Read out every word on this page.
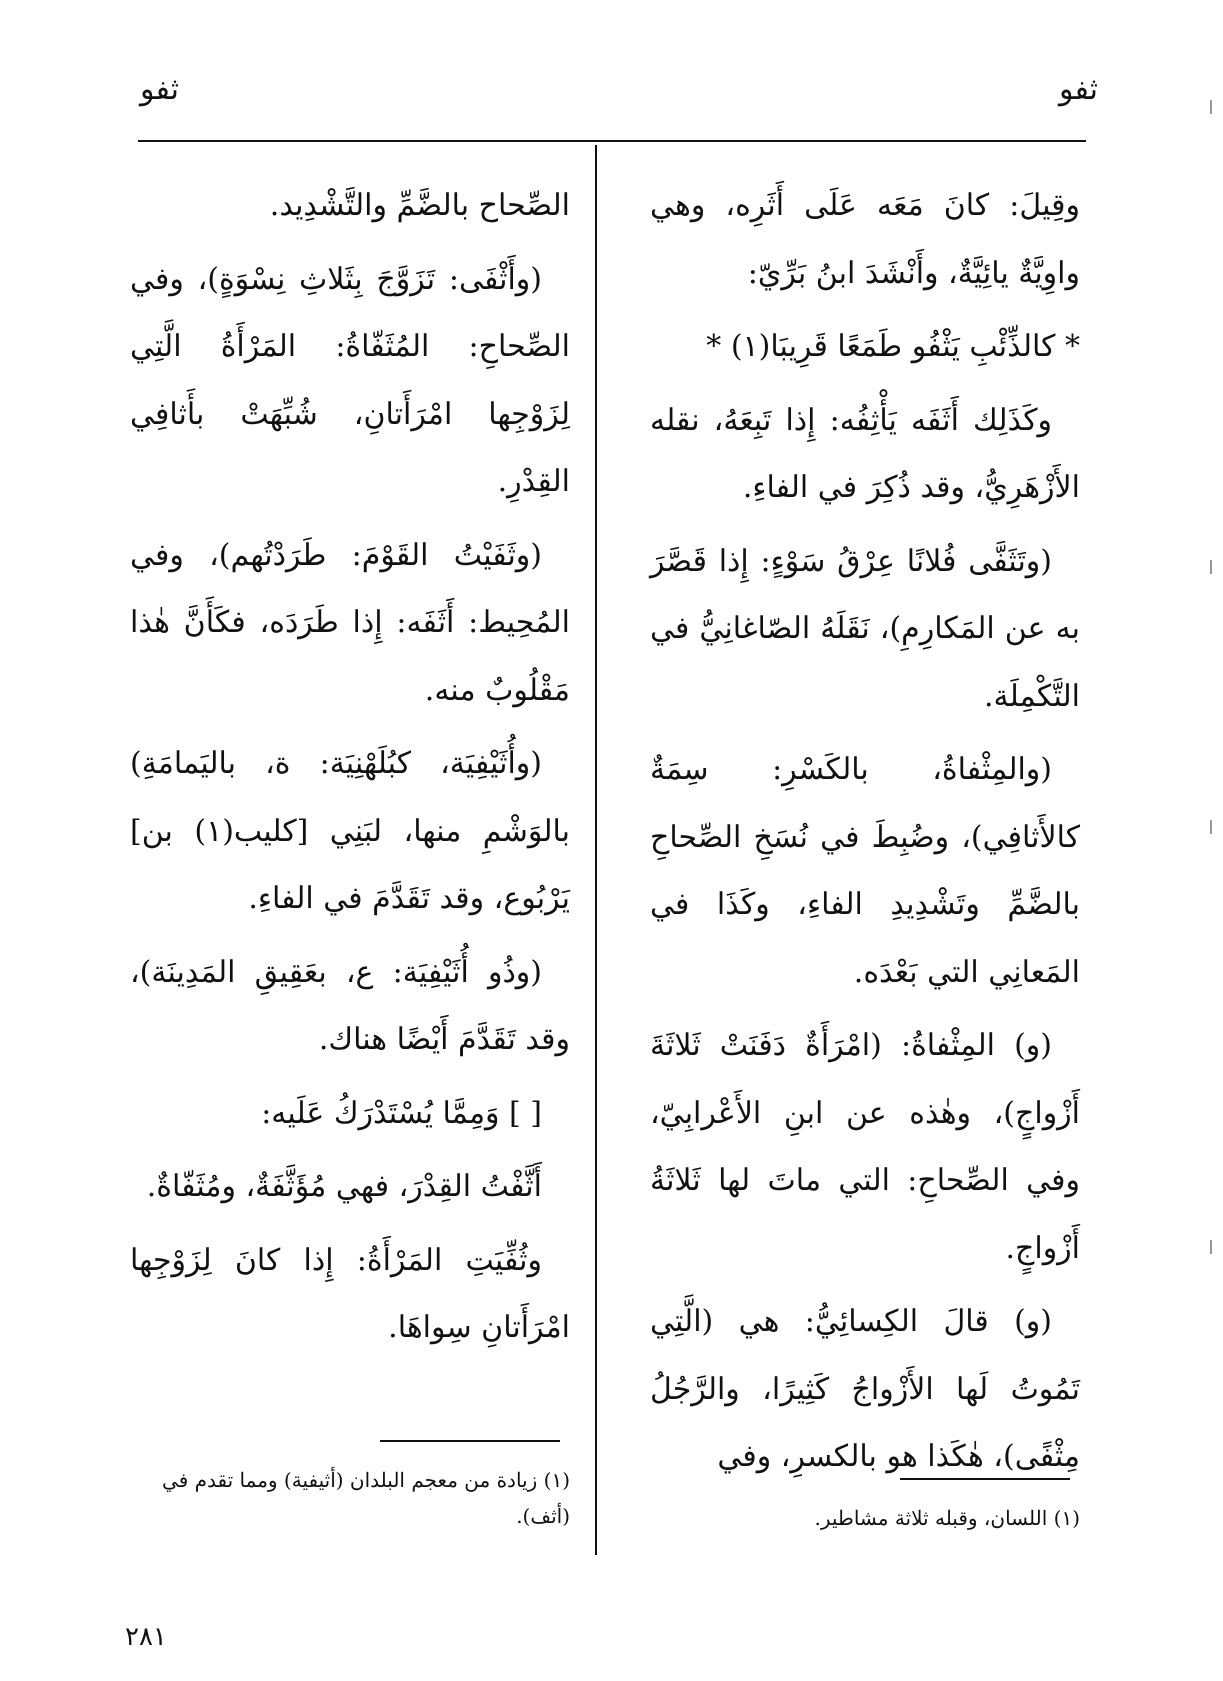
ثفو
ثفو

وقِيلَ: كانَ مَعَه عَلَى أَثَرِه، وهي واوِيَّةٌ يائِيَّةٌ، وأَنْشَدَ ابنُ بَرِّيّ:

* كالذِّئْبِ يَثْفُو طَمَعًا قَرِيبَا(١) *

وكَذَلِك أَثَفَه يَأْثِفُه: إِذا تَبِعَهُ، نقله الأَزْهَرِيُّ، وقد ذُكِرَ في الفاءِ.

(وتَثَفَّى فُلانًا عِرْقُ سَوْءٍ: إِذا قَصَّرَ به عن المَكارِمِ)، نَقَلَهُ الصّاغانِيُّ في التَّكْمِلَة.

(والمِثْفاةُ، بالكَسْرِ: سِمَةٌ كالأَثافِي)، وضُبِطَ في نُسَخِ الصِّحاحِ بالضَّمِّ وتَشْدِيدِ الفاءِ، وكَذَا في المَعانِي التي بَعْدَه.

(و) المِثْفاةُ: (امْرَأَةٌ دَفَنَتْ ثَلاثَةَ أَزْواجٍ)، وهٰذه عن ابنِ الأَعْرابِيّ، وفي الصِّحاحِ: التي ماتَ لها ثَلاثَةُ أَزْواجٍ.

(و) قالَ الكِسائِيُّ: هي (الَّتِي تَمُوتُ لَها الأَزْواجُ كَثِيرًا، والرَّجُلُ مِثْفًى)، هٰكَذا هو بالكسرِ، وفي

الصِّحاح بالضَّمِّ والتَّشْدِيد.

(وأَثْفَى: تَزَوَّجَ بِثَلاثِ نِسْوَةٍ)، وفي الصِّحاحِ: المُثَفّاةُ: المَرْأَةُ الَّتِي لِزَوْجِها امْرَأَتانِ، شُبِّهَتْ بأَثافِي القِدْرِ.

(وثَفَيْتُ القَوْمَ: طَرَدْتُهم)، وفي المُحِيط: أَثَفَه: إِذا طَرَدَه، فكَأَنَّ هٰذا مَقْلُوبٌ منه.

(وأُثَيْفِيَة، كبُلَهْنِيَة: ة، باليَمامَةِ) بالوَشْمِ منها، لبَنِي [كليب(١) بن] يَرْبُوع، وقد تَقَدَّمَ في الفاءِ.

(وذُو أُثَيْفِيَة: ع، بعَقِيقِ المَدِينَة)، وقد تَقَدَّمَ أَيْضًا هناك.

[ ] وَمِمَّا يُسْتَدْرَكُ عَلَيه:

أَثَّفْتُ القِدْرَ، فهي مُؤَثَّفَةٌ، ومُثَفّاةٌ.

وثُفِّيَتِ المَرْأَةُ: إِذا كانَ لِزَوْجِها امْرَأَتانِ سِواهَا.

(١) اللسان، وقبله ثلاثة مشاطير.
(١) زيادة من معجم البلدان (أثيفية) ومما تقدم في (أثف).
٢٨١
